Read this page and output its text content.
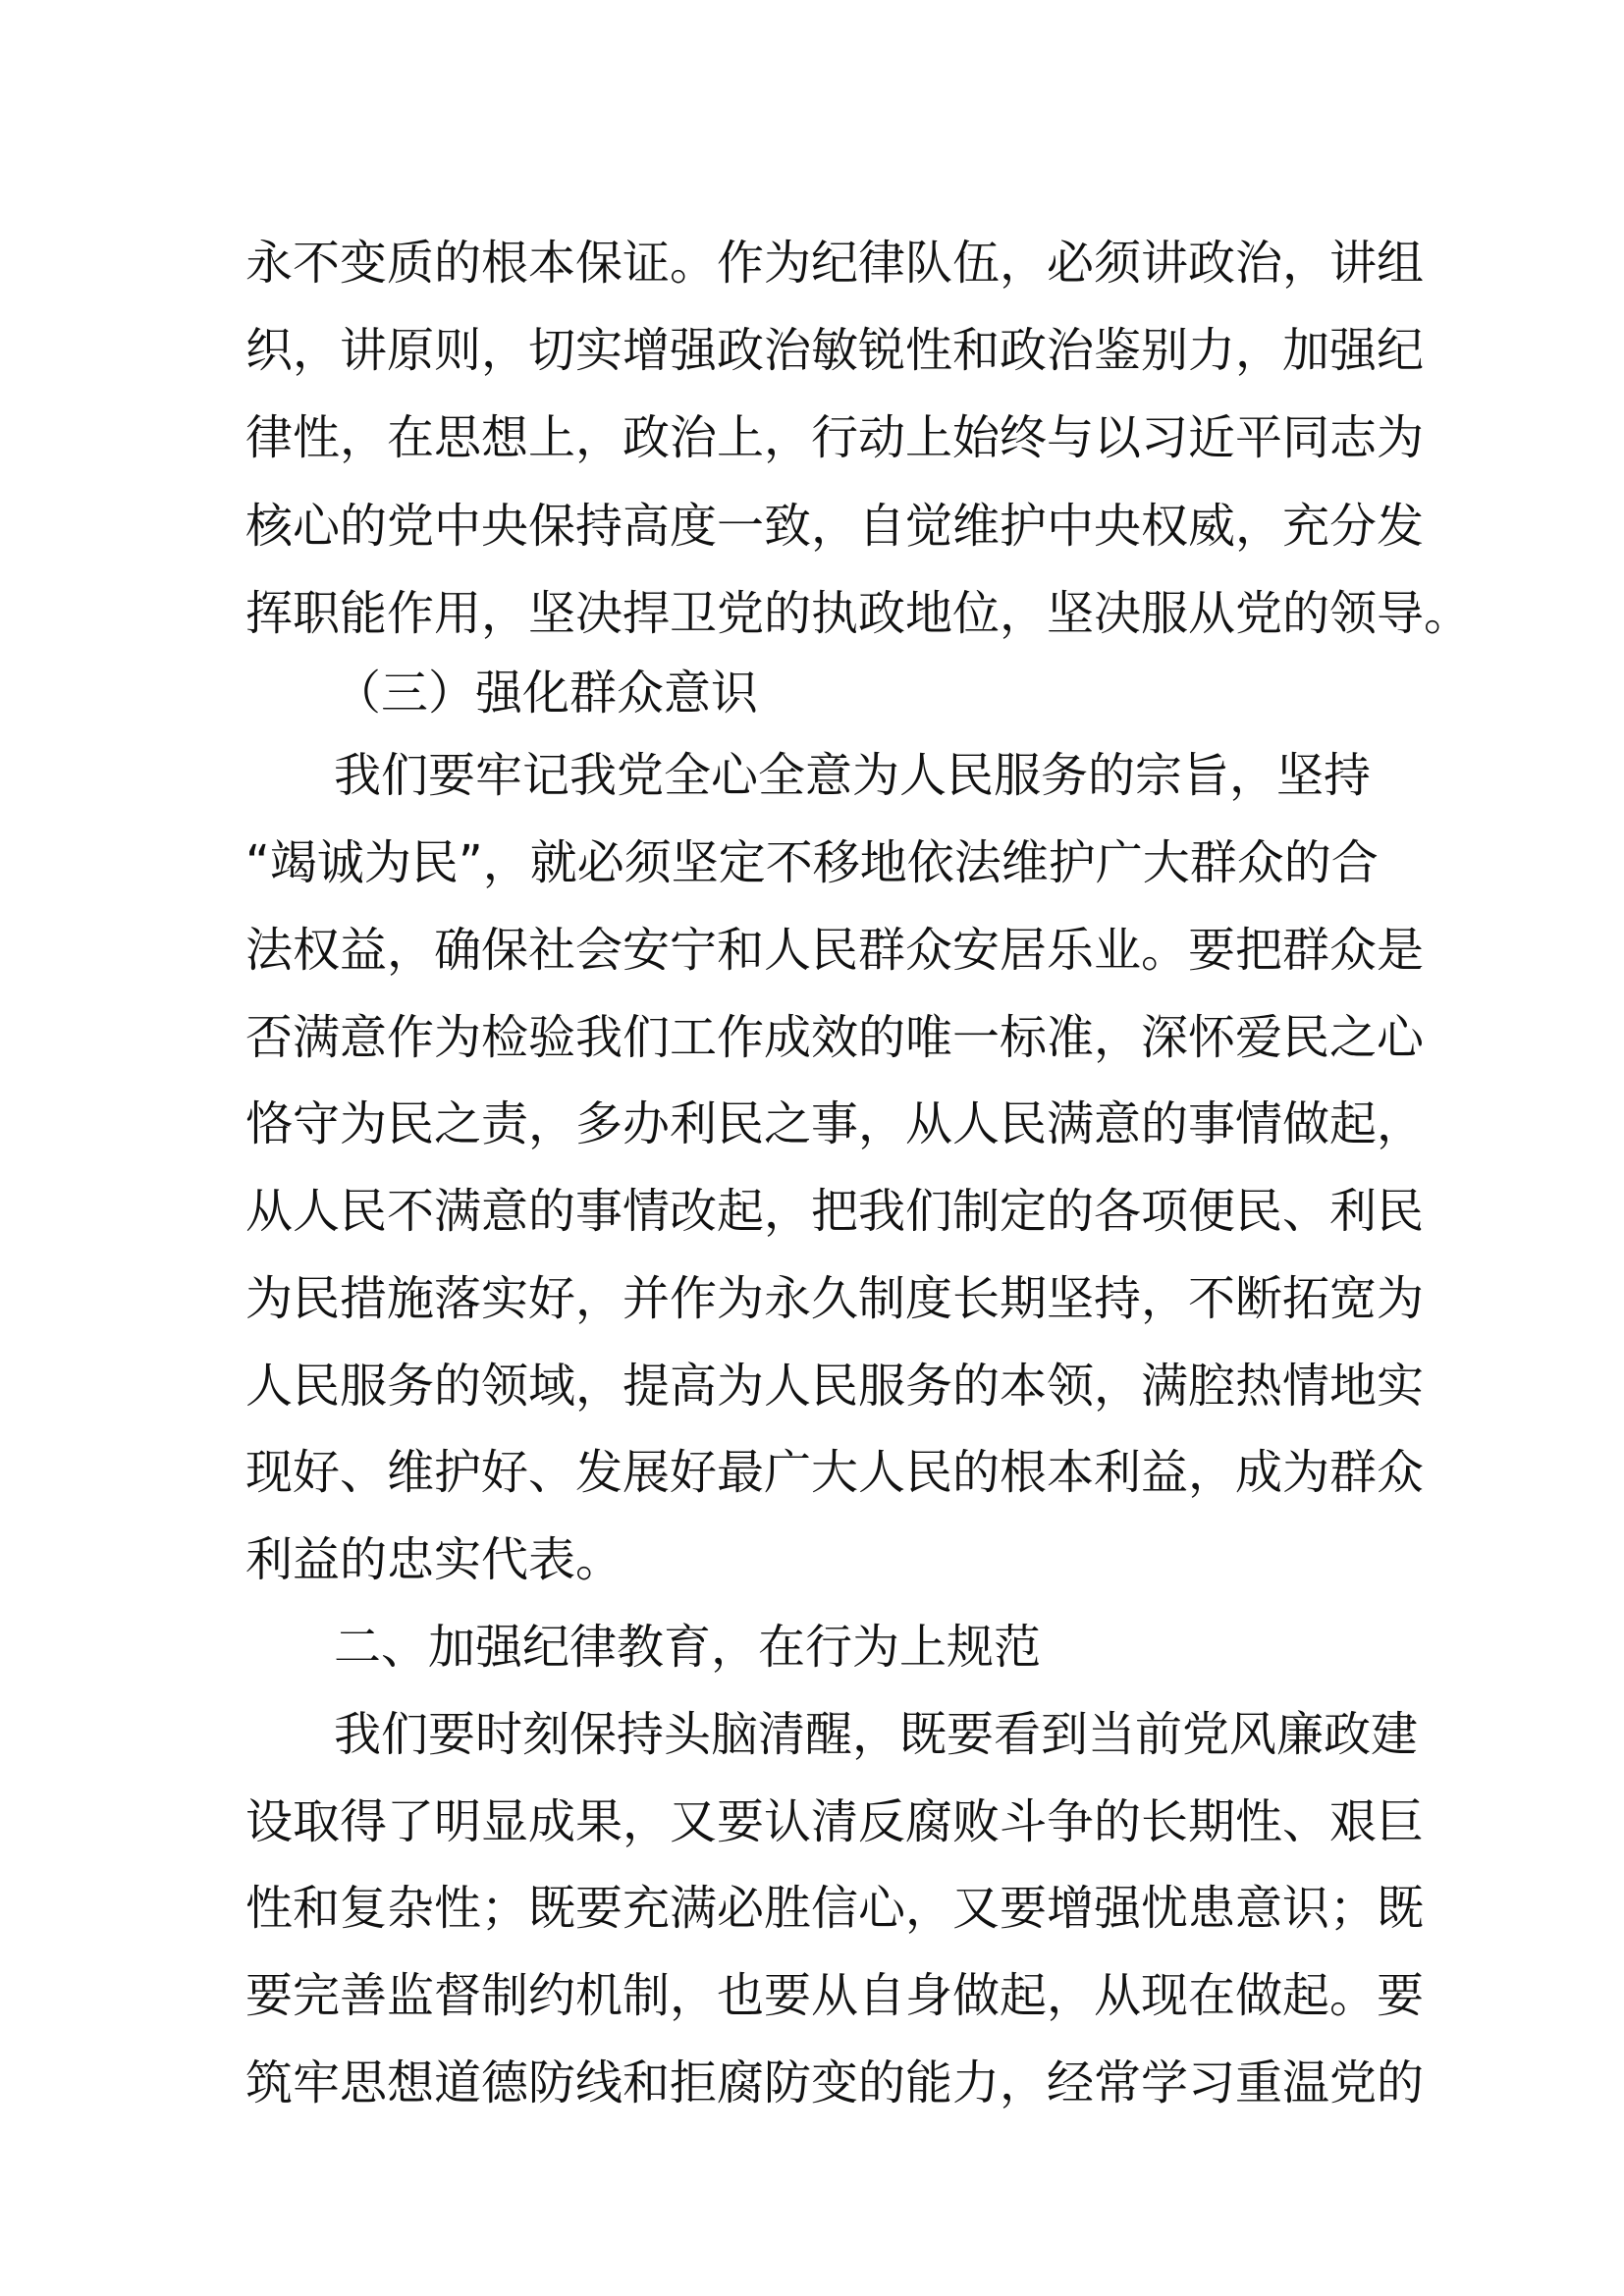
永不变质的根本保证。作为纪律队伍，必须讲政治，讲组

织，讲原则，切实增强政治敏锐性和政治鉴别力，加强纪

律性，在思想上，政治上，行动上始终与以习近平同志为

核心的党中央保持高度一致，自觉维护中央权威，充分发

挥职能作用，坚决捍卫党的执政地位，坚决服从党的领导。

（三）强化群众意识

我们要牢记我党全心全意为人民服务的宗旨，坚持

“竭诚为民”，就必须坚定不移地依法维护广大群众的合

法权益，确保社会安宁和人民群众安居乐业。要把群众是

否满意作为检验我们工作成效的唯一标准，深怀爱民之心

恪守为民之责，多办利民之事，从人民满意的事情做起，

从人民不满意的事情改起，把我们制定的各项便民、利民

为民措施落实好，并作为永久制度长期坚持，不断拓宽为

人民服务的领域，提高为人民服务的本领，满腔热情地实

现好、维护好、发展好最广大人民的根本利益，成为群众

利益的忠实代表。

二、加强纪律教育，在行为上规范

我们要时刻保持头脑清醒，既要看到当前党风廉政建

设取得了明显成果，又要认清反腐败斗争的长期性、艰巨

性和复杂性；既要充满必胜信心，又要增强忧患意识；既

要完善监督制约机制，也要从自身做起，从现在做起。要

筑牢思想道德防线和拒腐防变的能力，经常学习重温党的
